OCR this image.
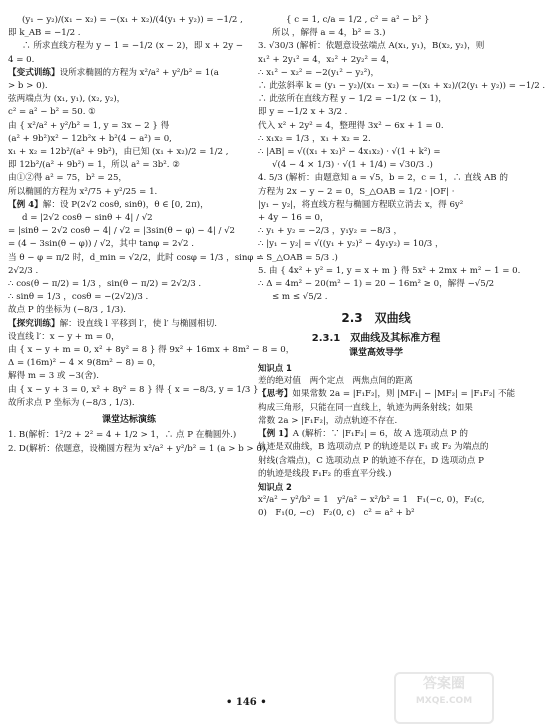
(y₁ − y₂)/(x₁ − x₂) = −(x₁ + x₂)/(4(y₁ + y₂)) = −1/2 ,
即 k_AB = −1/2 .
∴ 所求直线方程为 y − 1 = −1/2 (x − 2)，即 x + 2y −
4 = 0.
【变式训练】设所求椭圆的方程为 x²/a² + y²/b² = 1(a
> b > 0).
弦两端点为 (x₁, y₁), (x₂, y₂)，
c² = a² − b² = 50. ①
由 { x²/a² + y²/b² = 1, y = 3x − 2 } 得
(a² + 9b²)x² − 12b²x + b²(4 − a²) = 0,
x₁ + x₂ = 12b²/(a² + 9b²)，由已知 (x₁ + x₂)/2 = 1/2 ,
即 12b²/(a² + 9b²) = 1，所以 a² = 3b². ②
由①②得 a² = 75，b² = 25，
所以椭圆的方程为 x²/75 + y²/25 = 1.
【例 4】解：设 P(2√2 cosθ, sinθ)，θ ∈ [0, 2π)，
d = |2√2 cosθ − sinθ + 4| / √2
= |sinθ − 2√2 cosθ − 4| / √2 = |3sin(θ − φ) − 4| / √2
= (4 − 3sin(θ − φ)) / √2，其中 tanφ = 2√2 .
当 θ − φ = π/2 时，d_min = √2/2，此时 cosφ = 1/3 ，sinφ =
2√2/3 .
∴ cos(θ − π/2) = 1/3 ，sin(θ − π/2) = 2√2/3 .
∴ sinθ = 1/3 ，cosθ = −(2√2)/3 .
故点 P 的坐标为 (−8/3 , 1/3).
【探究训练】解：设直线 l 平移到 l′，使 l′ 与椭圆相切.
设直线 l′：x − y + m = 0，
由 { x − y + m = 0, x² + 8y² = 8 } 得 9x² + 16mx + 8m² − 8 = 0，
Δ = (16m)² − 4 × 9(8m² − 8) = 0，
解得 m = 3 或 −3(舍).
由 { x − y + 3 = 0, x² + 8y² = 8 } 得 { x = −8/3, y = 1/3 } .
故所求点 P 坐标为 (−8/3 , 1/3).
课堂达标演练
1. B(解析：1²/2 + 2² = 4 + 1/2 > 1，∴ 点 P 在椭圆外.)
2. D(解析：依题意，设椭圆方程为 x²/a² + y²/b² = 1 (a > b > 0)，
{ c = 1, c/a = 1/2 , c² = a² − b² }
所以 ，解得 a = 4，b² = 3.)
3. √30/3 (解析：依题意设弦端点 A(x₁, y₁)，B(x₂, y₂)，则
x₁² + 2y₁² = 4，x₂² + 2y₂² = 4，
∴ x₁² − x₂² = −2(y₁² − y₂²)，
∴ 此弦斜率 k = (y₁ − y₂)/(x₁ − x₂) = −(x₁ + x₂)/(2(y₁ + y₂)) = −1/2 .
∴ 此弦所在直线方程 y − 1/2 = −1/2 (x − 1)，
即 y = −1/2 x + 3/2 .
代入 x² + 2y² = 4，整理得 3x² − 6x + 1 = 0.
∴ x₁x₂ = 1/3 ，x₁ + x₂ = 2.
∴ |AB| = √((x₁ + x₂)² − 4x₁x₂) · √(1 + k²) =
√(4 − 4 × 1/3) · √(1 + 1/4) = √30/3 .)
4. 5/3 (解析：由题意知 a = √5，b = 2，c = 1，∴ 直线 AB 的
方程为 2x − y − 2 = 0，S_△OAB = 1/2 · |OF| ·
|y₁ − y₂|，将直线方程与椭圆方程联立消去 x，得 6y²
+ 4y − 16 = 0，
∴ y₁ + y₂ = −2/3 ，y₁y₂ = −8/3 ，
∴ |y₁ − y₂| = √((y₁ + y₂)² − 4y₁y₂) = 10/3 ，
∴ S_△OAB = 5/3 .)
5. 由 { 4x² + y² = 1, y = x + m } 得 5x² + 2mx + m² − 1 = 0.
∴ Δ = 4m² − 20(m² − 1) = 20 − 16m² ≥ 0，解得 −√5/2
≤ m ≤ √5/2 .
2.3　双曲线
2.3.1　双曲线及其标准方程
课堂高效导学
知识点 1
差的绝对值　两个定点　两焦点间的距离
【思考】如果常数 2a = |F₁F₂|，则 |MF₁| − |MF₂| = |F₁F₂| 不能
构成三角形，只能在同一直线上，轨迹为两条射线；如果
常数 2a > |F₁F₂|，动点轨迹不存在.
【例 1】A (解析：∵ |F₁F₂| = 6，故 A 选项动点 P 的
轨迹是双曲线，B 选项动点 P 的轨迹是以 F₁ 或 F₂ 为端点的
射线(含端点)，C 选项动点 P 的轨迹不存在，D 选项动点 P
的轨迹是线段 F₁F₂ 的垂直平分线.)
知识点 2
x²/a² − y²/b² = 1　y²/a² − x²/b² = 1　F₁(−c, 0)，F₂(c,
0)　F₁(0, −c)　F₂(0, c)　c² = a² + b²
• 146 •
答案圈
MXQE.COM
